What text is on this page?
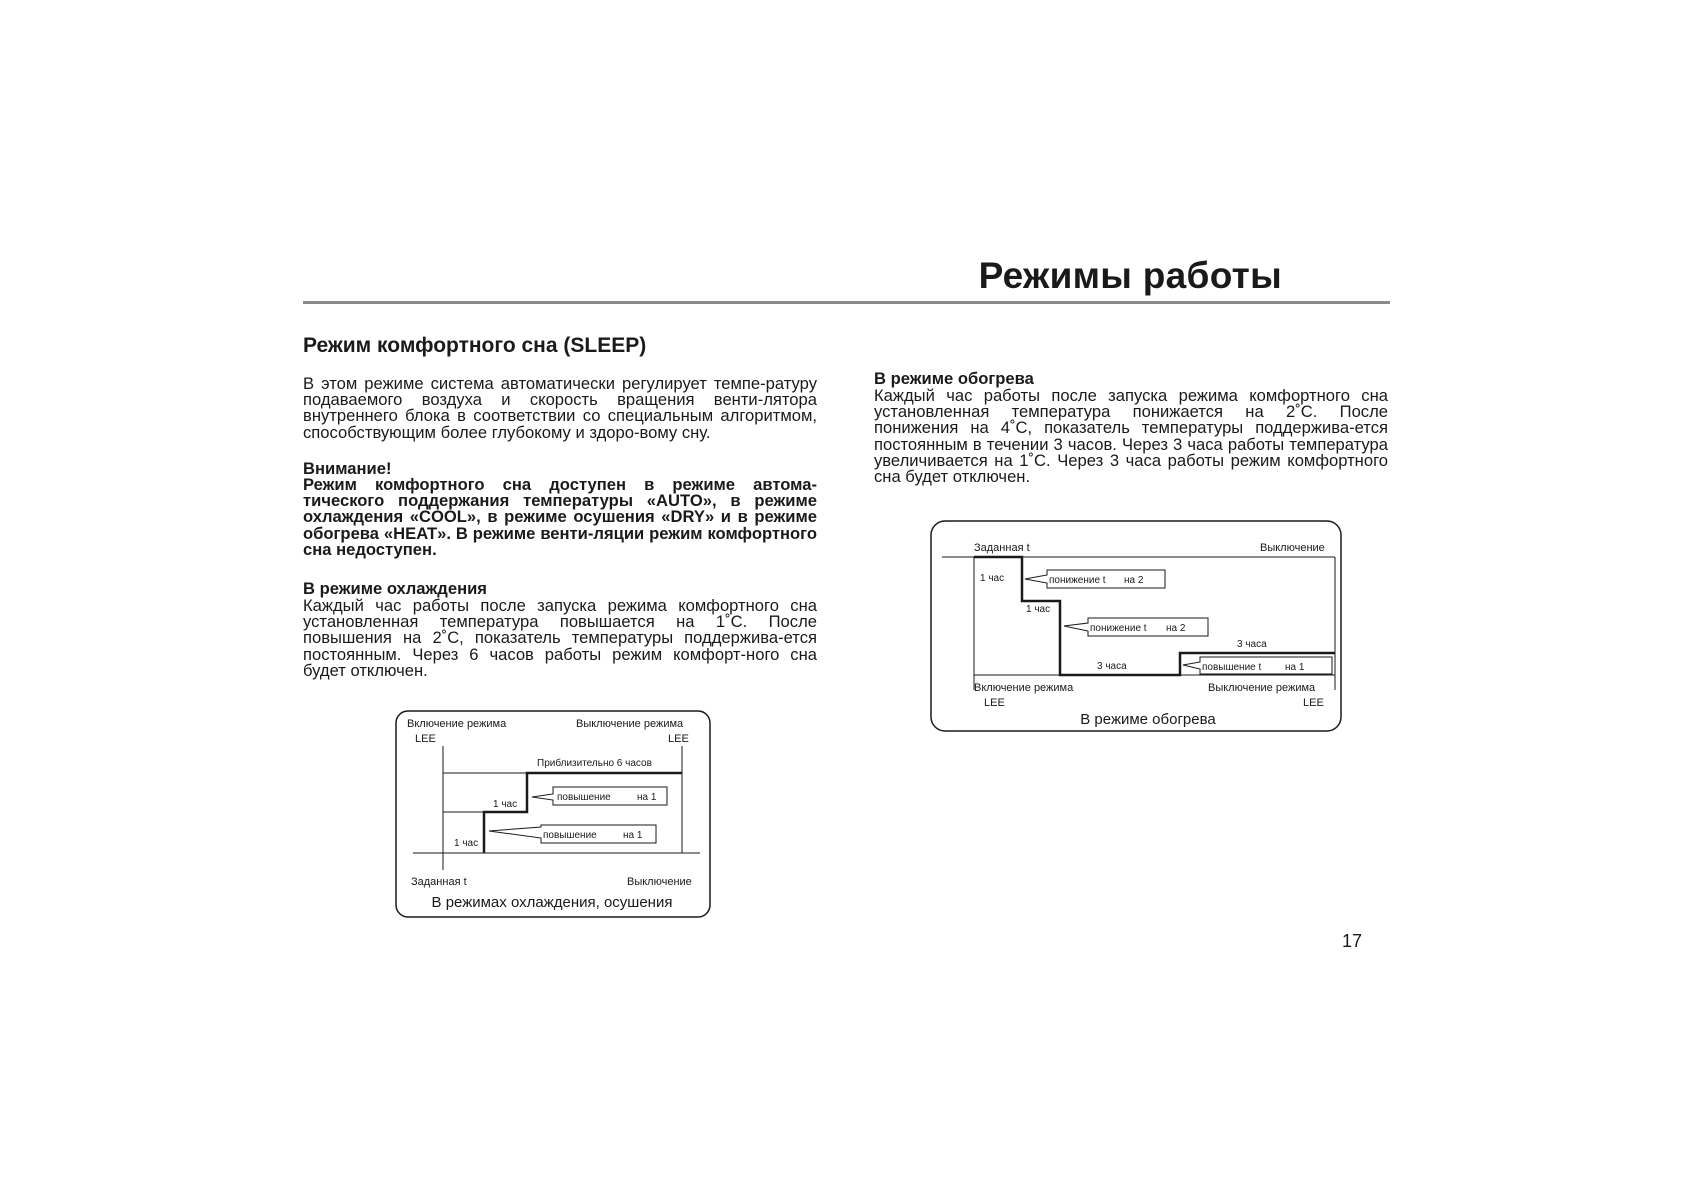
Режимы работы
Режим комфортного сна (SLEEP)

В этом режиме система автоматически регулирует темпе-ратуру подаваемого воздуха и скорость вращения венти-лятора внутреннего блока в соответствии со специальным алгоритмом, способствующим более глубокому и здоро-вому сну.

Внимание!

Режим комфортного сна доступен в режиме автома-тического поддержания температуры «AUTO», в режиме охлаждения «COOL», в режиме осушения «DRY» и в режиме обогрева «HEAT». В режиме венти-ляции режим комфортного сна недоступен.

В режиме охлаждения

Каждый час работы после запуска режима комфортного сна установленная температура повышается на 1˚С. После повышения на 2˚С, показатель температуры поддержива-ется постоянным. Через 6 часов работы режим комфорт-ного сна будет отключен.

В режиме обогрева

Каждый час работы после запуска режима комфортного сна установленная температура понижается на 2˚С. После понижения на 4˚С, показатель температуры поддержива-ется постоянным в течении 3 часов. Через 3 часа работы температура увеличивается на 1˚С. Через 3 часа работы режим комфортного сна будет отключен.

Включение режима
LEE
Выключение режима
LEE
Приблизительно 6 часов
1 час
1 час
повышение	на 1
повышение	на 1
Заданная t	Выключение
В режимах охлаждения, осушения
Заданная t	Выключение
1 час	понижение t на 2
1 час
понижение t на 2
3 часа
3 часа
повышение t на 1
Включение режима
LEE
Выключение режима
LEE
В режиме обогрева
17
